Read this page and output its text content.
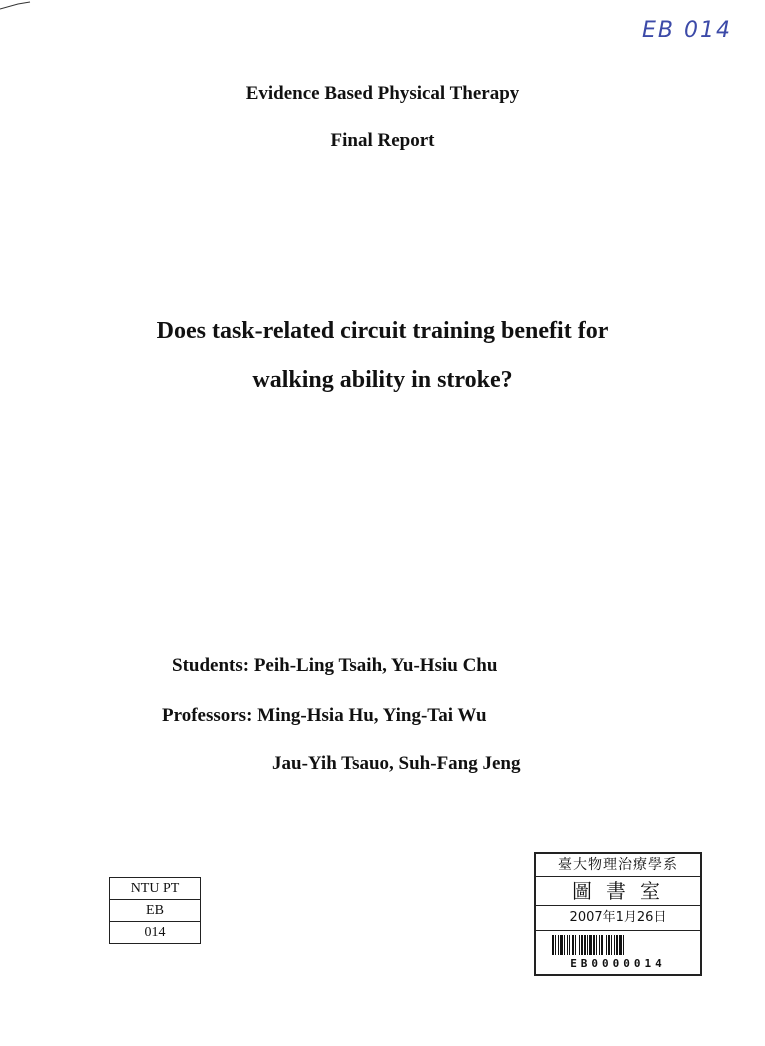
EB 014
Evidence Based Physical Therapy
Final Report
Does task-related circuit training benefit for
walking ability in stroke?
Students: Peih-Ling Tsaih, Yu-Hsiu Chu
Professors: Ming-Hsia Hu, Ying-Tai Wu
Jau-Yih Tsauo, Suh-Fang Jeng
NTU PT
EB
014
臺大物理治療學系
圖書室
2007年1月26日
EB0000014
